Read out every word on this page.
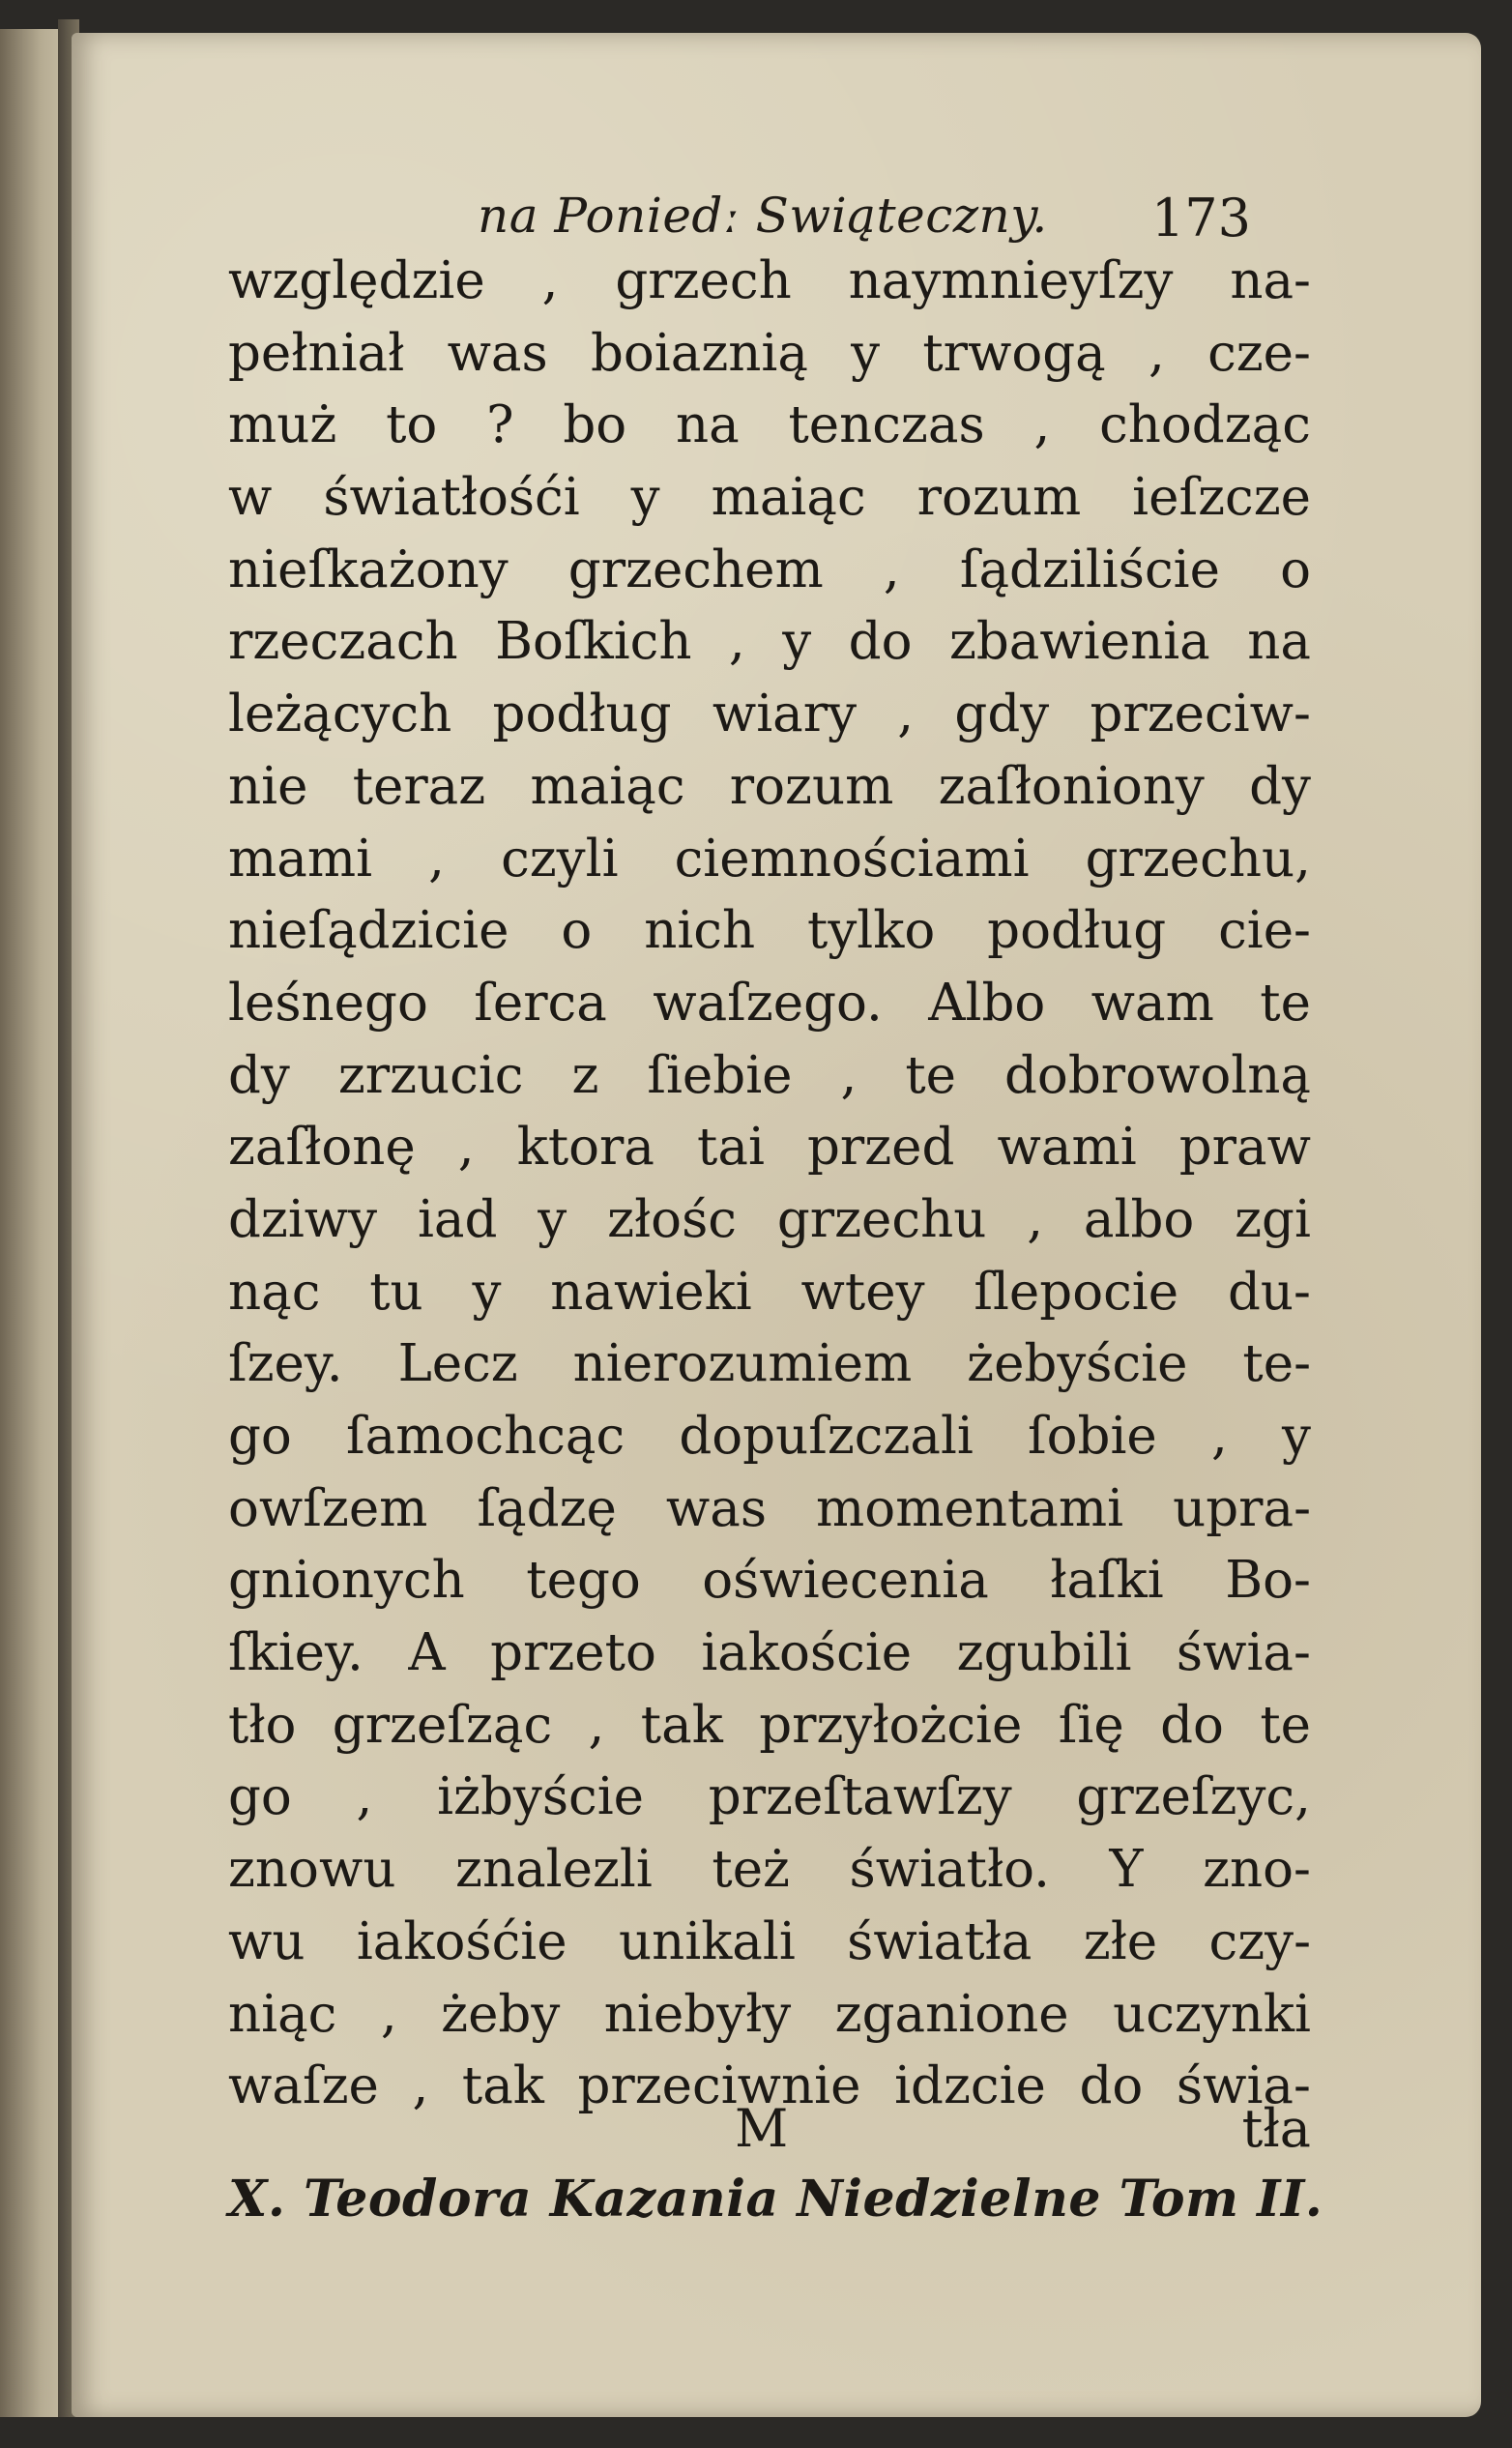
na Poniedː Swiąteczny. 173
względzie , grzech naymnieyſzy na-
pełniał was boiaznią y trwogą , cze-
muż to ? bo na tenczas , chodząc
w światłośći y maiąc rozum ieſzcze
nieſkażony grzechem , ſądziliście o
rzeczach Boſkich , y do zbawienia na
leżących podług wiary , gdy przeciw-
nie teraz maiąc rozum zaſłoniony dy
mami , czyli ciemnościami grzechu,
nieſądzicie o nich tylko podług cie-
leśnego ſerca waſzego. Albo wam te
dy zrzucic z ſiebie , te dobrowolną
zaſłonę , ktora tai przed wami praw
dziwy iad y złośc grzechu , albo zgi
nąc tu y nawieki wtey ſlepocie du-
ſzey. Lecz nierozumiem żebyście te-
go ſamochcąc dopuſzczali ſobie , y
owſzem ſądzę was momentami upra-
gnionych tego oświecenia łaſki Bo-
ſkiey. A przeto iakoście zgubili świa-
tło grzeſząc , tak przyłożcie ſię do te
go , iżbyście przeſtawſzy grzeſzyc,
znowu znalezli też światło. Y zno-
wu iakośćie unikali światła złe czy-
niąc , żeby niebyły zganione uczynki
waſze , tak przeciwnie idzcie do świa-
M	tła
X. Teodora Kazania Niedzielne Tom II.
